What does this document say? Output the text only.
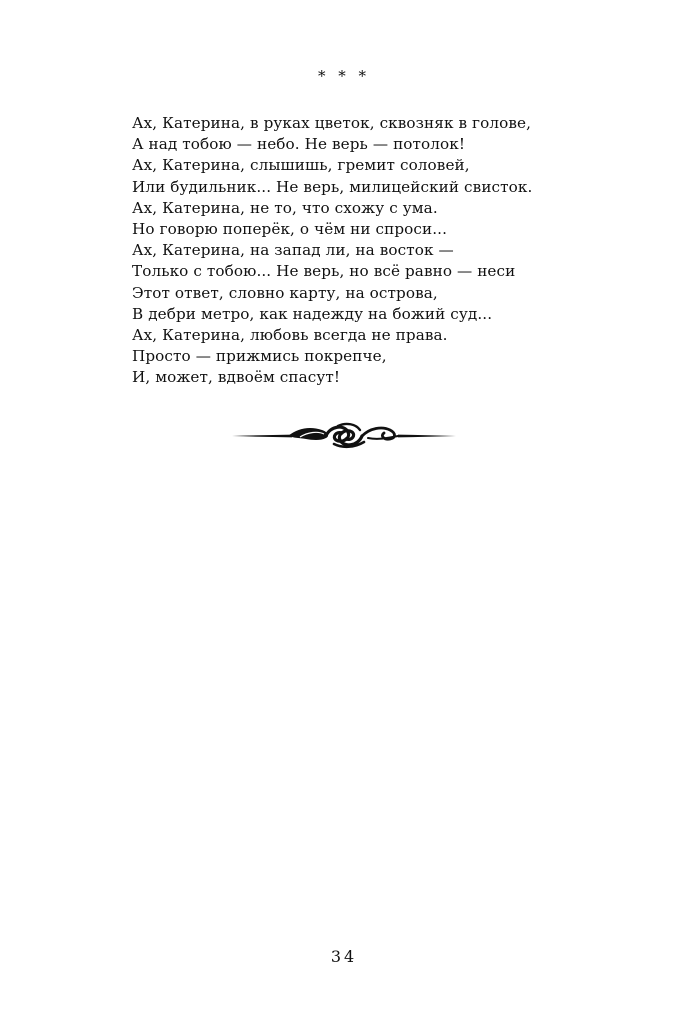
* * *
Ах, Катерина, в руках цветок, сквозняк в голове,
А над тобою — небо. Не верь — потолок!
Ах, Катерина, слышишь, гремит соловей,
Или будильник... Не верь, милицейский свисток.
Ах, Катерина, не то, что схожу с ума.
Но говорю поперёк, о чём ни спроси...
Ах, Катерина, на запад ли, на восток —
Только с тобою... Не верь, но всё равно — неси
Этот ответ, словно карту, на острова,
В дебри метро, как надежду на божий суд...
Ах, Катерина, любовь всегда не права.
Просто — прижмись покрепче,
И, может, вдвоём спасут!
34
